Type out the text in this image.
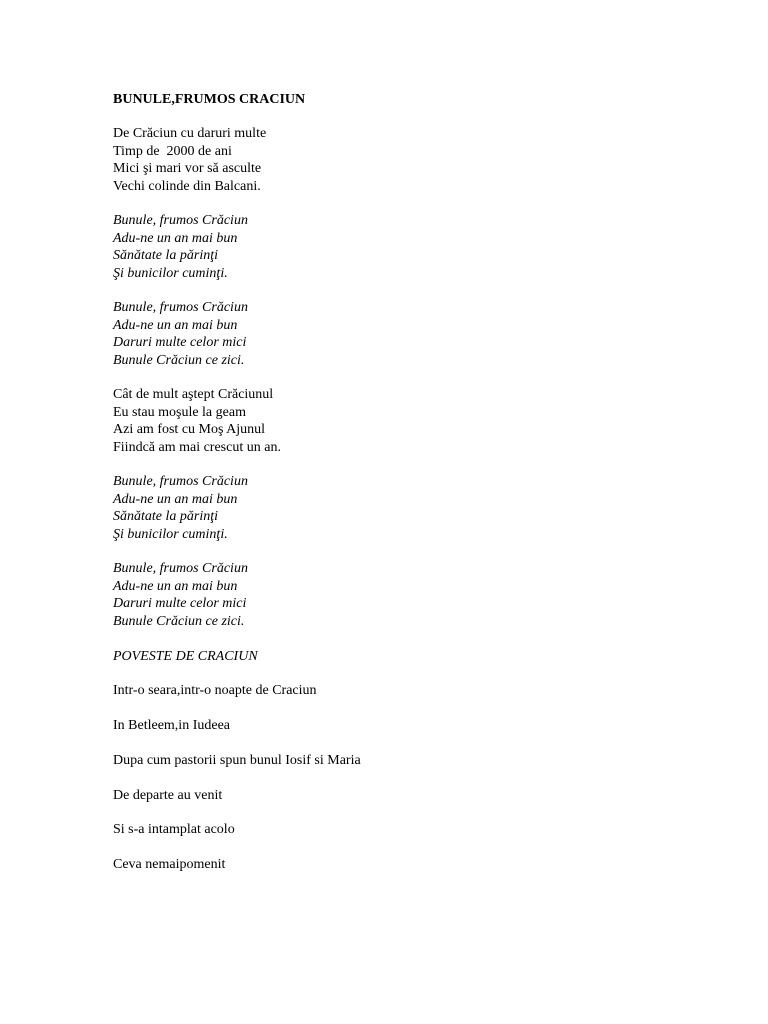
BUNULE,FRUMOS CRACIUN
De Crăciun cu daruri multe
Timp de  2000 de ani
Mici şi mari vor să asculte
Vechi colinde din Balcani.
Bunule, frumos Crăciun
Adu-ne un an mai bun
Sănătate la părinţi
Şi bunicilor cuminţi.
Bunule, frumos Crăciun
Adu-ne un an mai bun
Daruri multe celor mici
Bunule Crăciun ce zici.
Cât de mult aştept Crăciunul
Eu stau moşule la geam
Azi am fost cu Moş Ajunul
Fiindcă am mai crescut un an.
Bunule, frumos Crăciun
Adu-ne un an mai bun
Sănătate la părinţi
Şi bunicilor cuminţi.
Bunule, frumos Crăciun
Adu-ne un an mai bun
Daruri multe celor mici
Bunule Crăciun ce zici.
POVESTE DE CRACIUN
Intr-o seara,intr-o noapte de Craciun
In Betleem,in Iudeea
Dupa cum pastorii spun bunul Iosif si Maria
De departe au venit
Si s-a intamplat acolo
Ceva nemaipomenit
